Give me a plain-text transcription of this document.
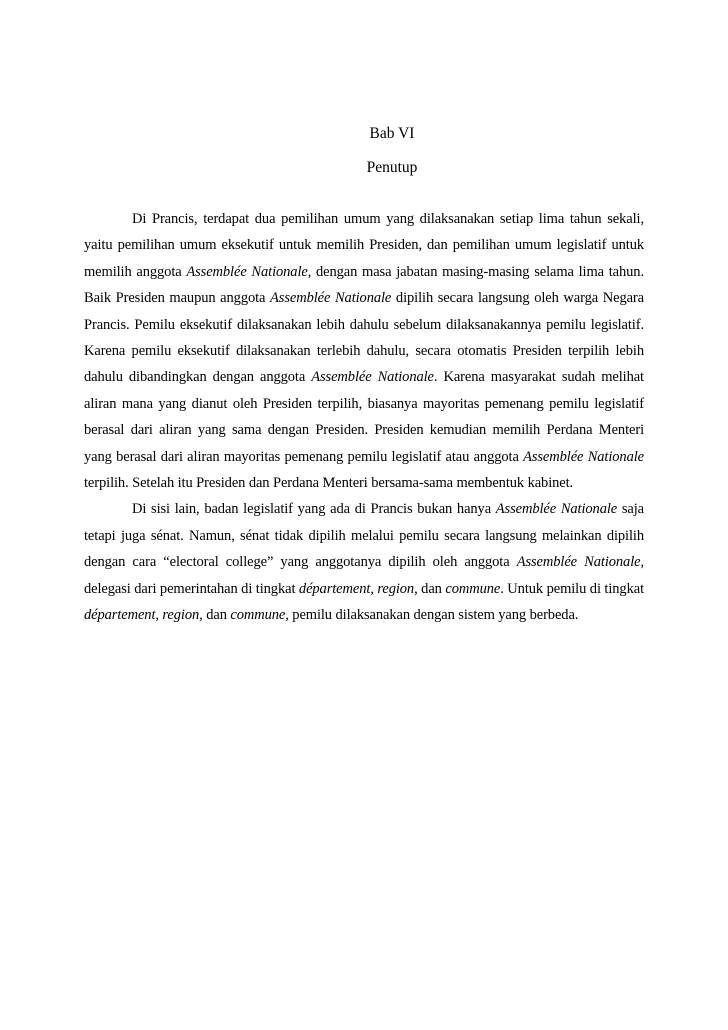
Bab VI
Penutup

Di Prancis, terdapat dua pemilihan umum yang dilaksanakan setiap lima tahun sekali, yaitu pemilihan umum eksekutif untuk memilih Presiden, dan pemilihan umum legislatif untuk memilih anggota Assemblée Nationale, dengan masa jabatan masing-masing selama lima tahun. Baik Presiden maupun anggota Assemblée Nationale dipilih secara langsung oleh warga Negara Prancis. Pemilu eksekutif dilaksanakan lebih dahulu sebelum dilaksanakannya pemilu legislatif. Karena pemilu eksekutif dilaksanakan terlebih dahulu, secara otomatis Presiden terpilih lebih dahulu dibandingkan dengan anggota Assemblée Nationale. Karena masyarakat sudah melihat aliran mana yang dianut oleh Presiden terpilih, biasanya mayoritas pemenang pemilu legislatif berasal dari aliran yang sama dengan Presiden. Presiden kemudian memilih Perdana Menteri yang berasal dari aliran mayoritas pemenang pemilu legislatif atau anggota Assemblée Nationale terpilih. Setelah itu Presiden dan Perdana Menteri bersama-sama membentuk kabinet.

Di sisi lain, badan legislatif yang ada di Prancis bukan hanya Assemblée Nationale saja tetapi juga sénat. Namun, sénat tidak dipilih melalui pemilu secara langsung melainkan dipilih dengan cara “electoral college” yang anggotanya dipilih oleh anggota Assemblée Nationale, delegasi dari pemerintahan di tingkat département, region, dan commune. Untuk pemilu di tingkat département, region, dan commune, pemilu dilaksanakan dengan sistem yang berbeda.
